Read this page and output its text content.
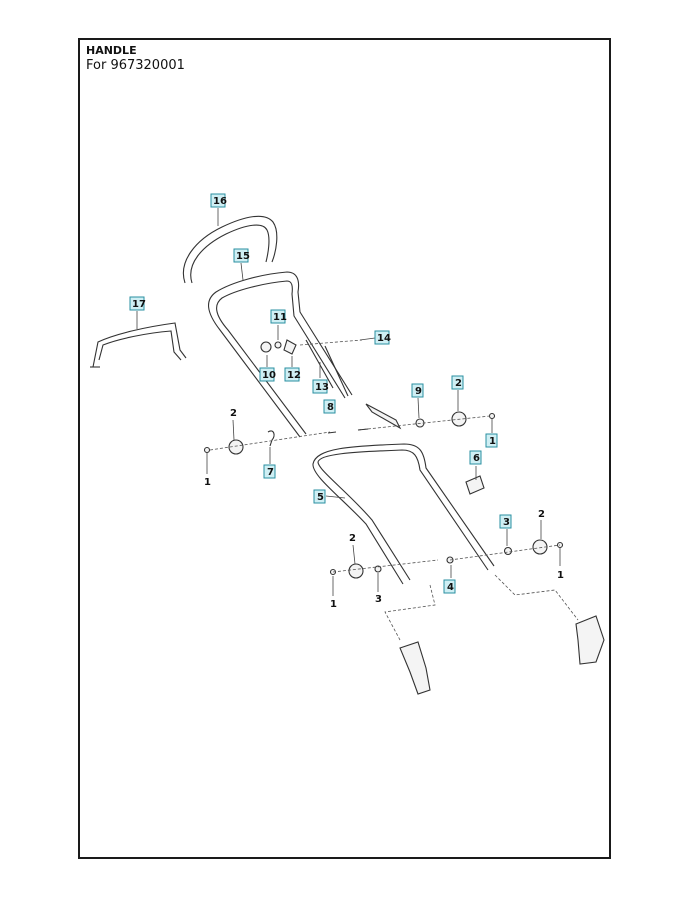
HANDLE
For 967320001
16
15
17
11
14
10 12
13
8
9
2
1
7
6
5
3
4
2
1
2
1
2
1	3
